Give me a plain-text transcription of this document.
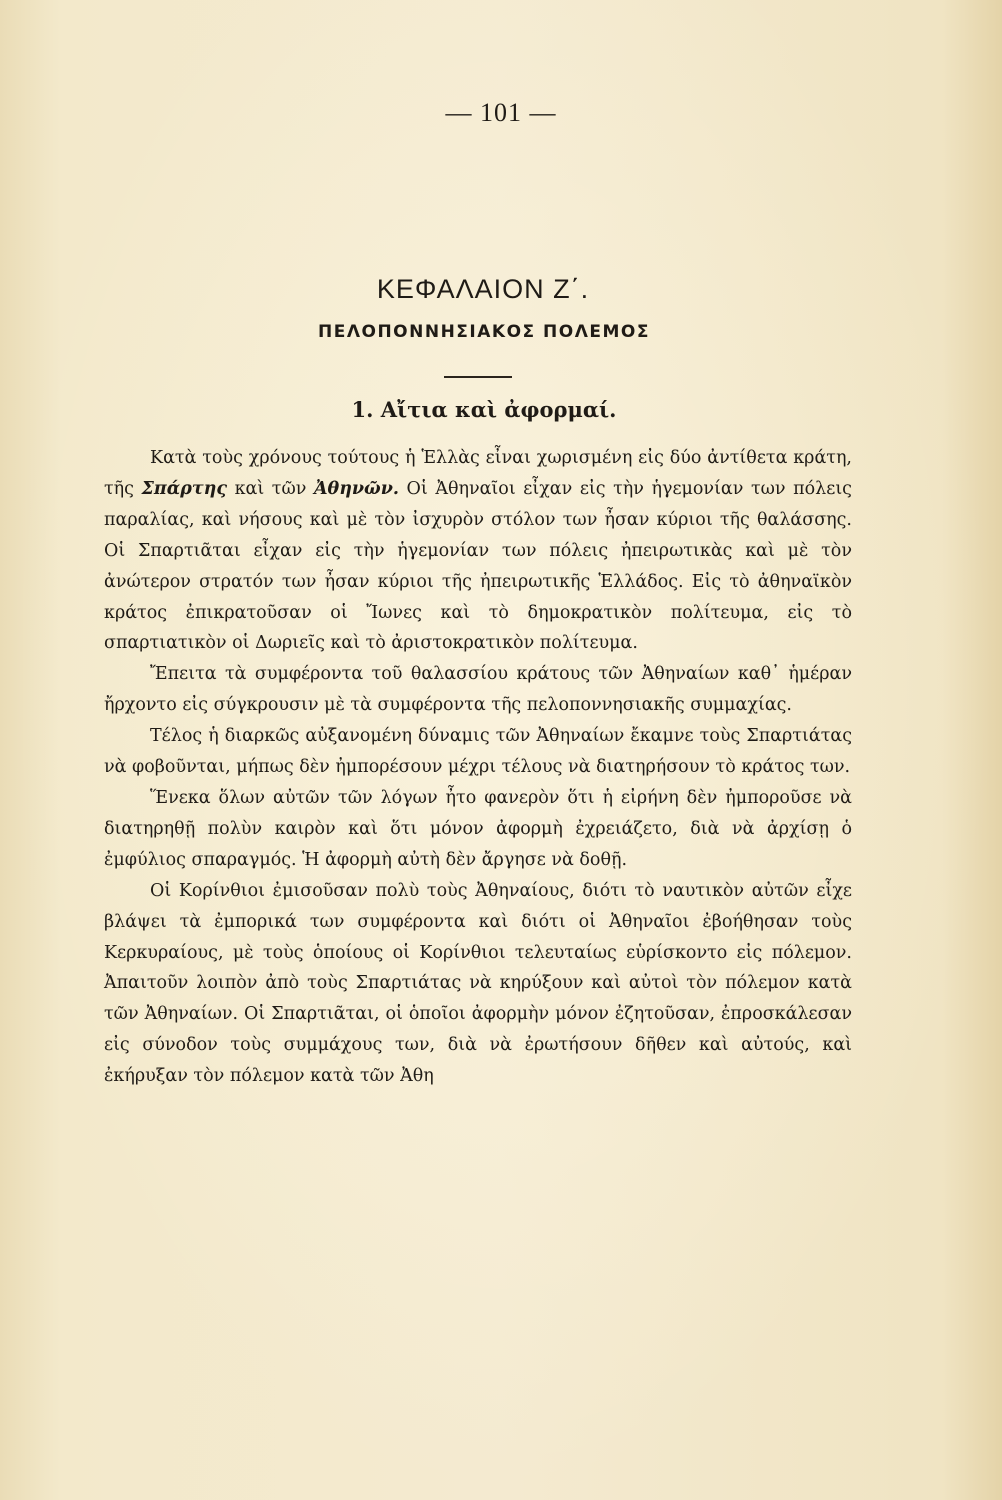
— 101 —
ΚΕΦΑΛΑΙΟΝ Ζ΄.
ΠΕΛΟΠΟΝΝΗΣΙΑΚΟΣ ΠΟΛΕΜΟΣ
1. Αἴτια καὶ ἀφορμαί.

Κατὰ τοὺς χρόνους τούτους ἡ Ἑλλὰς εἶναι χωρισμένη εἰς δύο ἀντίθετα κράτη, τῆς Σπάρτης καὶ τῶν Ἀθηνῶν. Οἱ Ἀθηναῖοι εἶχαν εἰς τὴν ἡγεμονίαν των πόλεις παραλίας, καὶ νήσους καὶ μὲ τὸν ἰσχυρὸν στόλον των ἦσαν κύριοι τῆς θαλάσσης. Οἱ Σπαρτιᾶται εἶχαν εἰς τὴν ἡγεμονίαν των πόλεις ἠπειρωτικὰς καὶ μὲ τὸν ἀνώτερον στρατόν των ἦσαν κύριοι τῆς ἠπειρωτικῆς Ἑλλάδος. Εἰς τὸ ἀθηναϊκὸν κράτος ἐπικρατοῦσαν οἱ Ἴωνες καὶ τὸ δημοκρατικὸν πολίτευμα, εἰς τὸ σπαρτιατικὸν οἱ Δωριεῖς καὶ τὸ ἀριστοκρατικὸν πολίτευμα.

Ἔπειτα τὰ συμφέροντα τοῦ θαλασσίου κράτους τῶν Ἀθηναίων καθ᾽ ἡμέραν ἤρχοντο εἰς σύγκρουσιν μὲ τὰ συμφέροντα τῆς πελοποννησιακῆς συμμαχίας.

Τέλος ἡ διαρκῶς αὐξανομένη δύναμις τῶν Ἀθηναίων ἔκαμνε τοὺς Σπαρτιάτας νὰ φοβοῦνται, μήπως δὲν ἠμπορέσουν μέχρι τέλους νὰ διατηρήσουν τὸ κράτος των.

Ἕνεκα ὅλων αὐτῶν τῶν λόγων ἦτο φανερὸν ὅτι ἡ εἰρήνη δὲν ἠμποροῦσε νὰ διατηρηθῇ πολὺν καιρὸν καὶ ὅτι μόνον ἀφορμὴ ἐχρειάζετο, διὰ νὰ ἀρχίσῃ ὁ ἐμφύλιος σπαραγμός. Ἡ ἀφορμὴ αὐτὴ δὲν ἄργησε νὰ δοθῇ.

Οἱ Κορίνθιοι ἐμισοῦσαν πολὺ τοὺς Ἀθηναίους, διότι τὸ ναυτικὸν αὐτῶν εἶχε βλάψει τὰ ἐμπορικά των συμφέροντα καὶ διότι οἱ Ἀθηναῖοι ἐβοήθησαν τοὺς Κερκυραίους, μὲ τοὺς ὁποίους οἱ Κορίνθιοι τελευταίως εὑρίσκοντο εἰς πόλεμον. Ἀπαιτοῦν λοιπὸν ἀπὸ τοὺς Σπαρτιάτας νὰ κηρύξουν καὶ αὐτοὶ τὸν πόλεμον κατὰ τῶν Ἀθηναίων. Οἱ Σπαρτιᾶται, οἱ ὁποῖοι ἀφορμὴν μόνον ἐζητοῦσαν, ἐπροσκάλεσαν εἰς σύνοδον τοὺς συμμάχους των, διὰ νὰ ἐρωτήσουν δῆθεν καὶ αὐτούς, καὶ ἐκήρυξαν τὸν πόλεμον κατὰ τῶν Ἀθη
